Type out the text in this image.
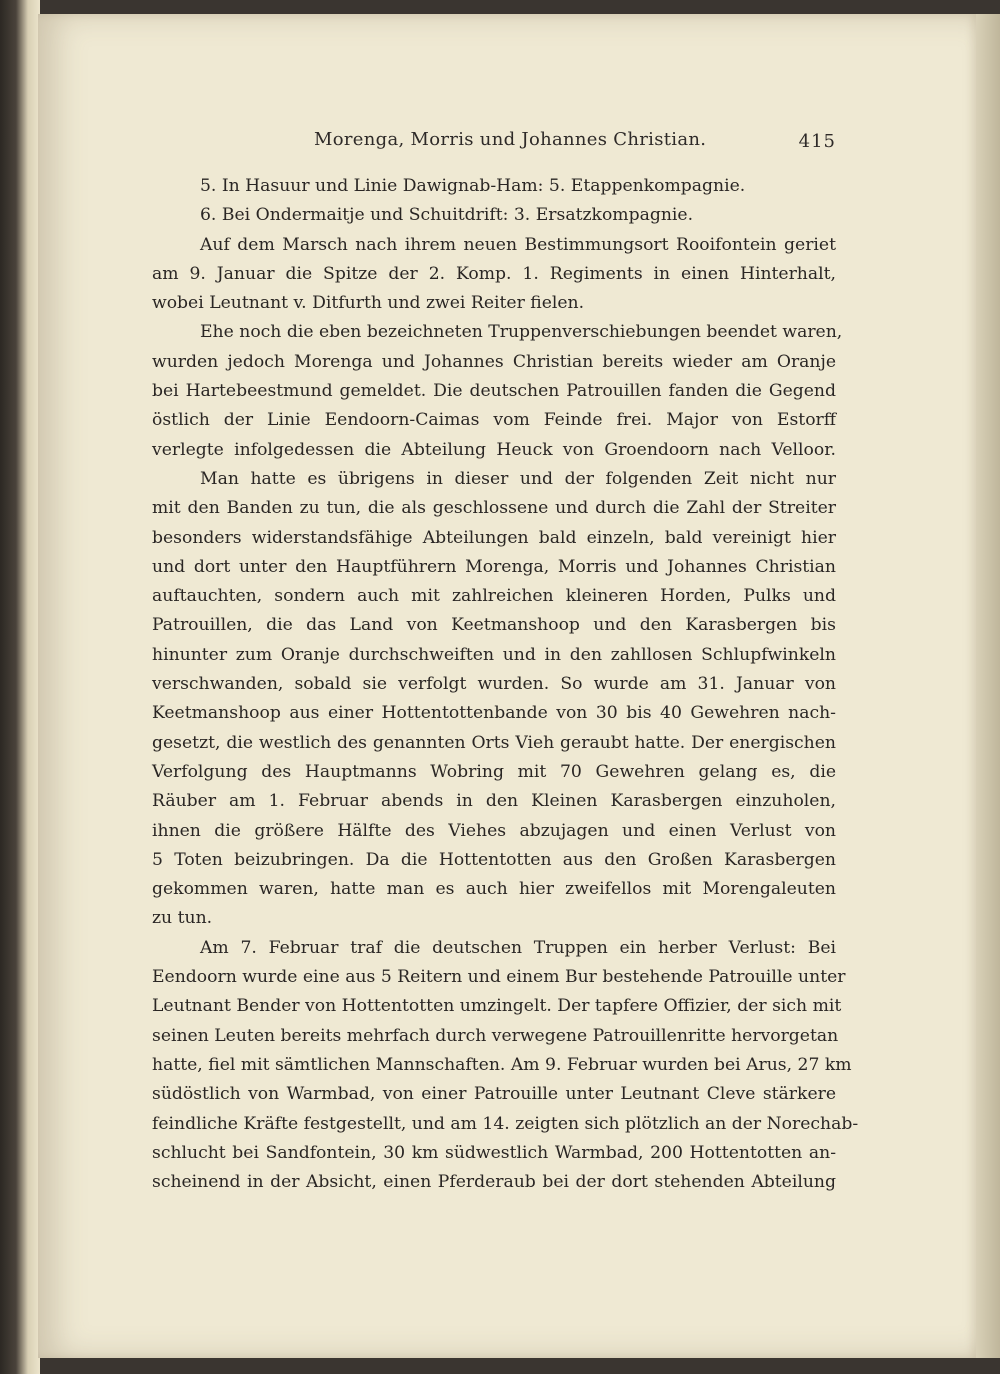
Morenga, Morris und Johannes Christian.	415
5. In Hasuur und Linie Dawignab-Ham: 5. Etappenkompagnie.
6. Bei Ondermaitje und Schuitdrift: 3. Ersatzkompagnie.
Auf dem Marsch nach ihrem neuen Bestimmungsort Rooifontein geriet
am 9. Januar die Spitze der 2. Komp. 1. Regiments in einen Hinterhalt,
wobei Leutnant v. Ditfurth und zwei Reiter fielen.
Ehe noch die eben bezeichneten Truppenverschiebungen beendet waren,
wurden jedoch Morenga und Johannes Christian bereits wieder am Oranje
bei Hartebeestmund gemeldet. Die deutschen Patrouillen fanden die Gegend
östlich der Linie Eendoorn-Caimas vom Feinde frei. Major von Estorff
verlegte infolgedessen die Abteilung Heuck von Groendoorn nach Velloor.
Man hatte es übrigens in dieser und der folgenden Zeit nicht nur
mit den Banden zu tun, die als geschlossene und durch die Zahl der Streiter
besonders widerstandsfähige Abteilungen bald einzeln, bald vereinigt hier
und dort unter den Hauptführern Morenga, Morris und Johannes Christian
auftauchten, sondern auch mit zahlreichen kleineren Horden, Pulks und
Patrouillen, die das Land von Keetmanshoop und den Karasbergen bis
hinunter zum Oranje durchschweiften und in den zahllosen Schlupfwinkeln
verschwanden, sobald sie verfolgt wurden. So wurde am 31. Januar von
Keetmanshoop aus einer Hottentottenbande von 30 bis 40 Gewehren nach-
gesetzt, die westlich des genannten Orts Vieh geraubt hatte. Der energischen
Verfolgung des Hauptmanns Wobring mit 70 Gewehren gelang es, die
Räuber am 1. Februar abends in den Kleinen Karasbergen einzuholen,
ihnen die größere Hälfte des Viehes abzujagen und einen Verlust von
5 Toten beizubringen. Da die Hottentotten aus den Großen Karasbergen
gekommen waren, hatte man es auch hier zweifellos mit Morengaleuten
zu tun.
Am 7. Februar traf die deutschen Truppen ein herber Verlust: Bei
Eendoorn wurde eine aus 5 Reitern und einem Bur bestehende Patrouille unter
Leutnant Bender von Hottentotten umzingelt. Der tapfere Offizier, der sich mit
seinen Leuten bereits mehrfach durch verwegene Patrouillenritte hervorgetan
hatte, fiel mit sämtlichen Mannschaften. Am 9. Februar wurden bei Arus, 27 km
südöstlich von Warmbad, von einer Patrouille unter Leutnant Cleve stärkere
feindliche Kräfte festgestellt, und am 14. zeigten sich plötzlich an der Norechab-
schlucht bei Sandfontein, 30 km südwestlich Warmbad, 200 Hottentotten an-
scheinend in der Absicht, einen Pferderaub bei der dort stehenden Abteilung
